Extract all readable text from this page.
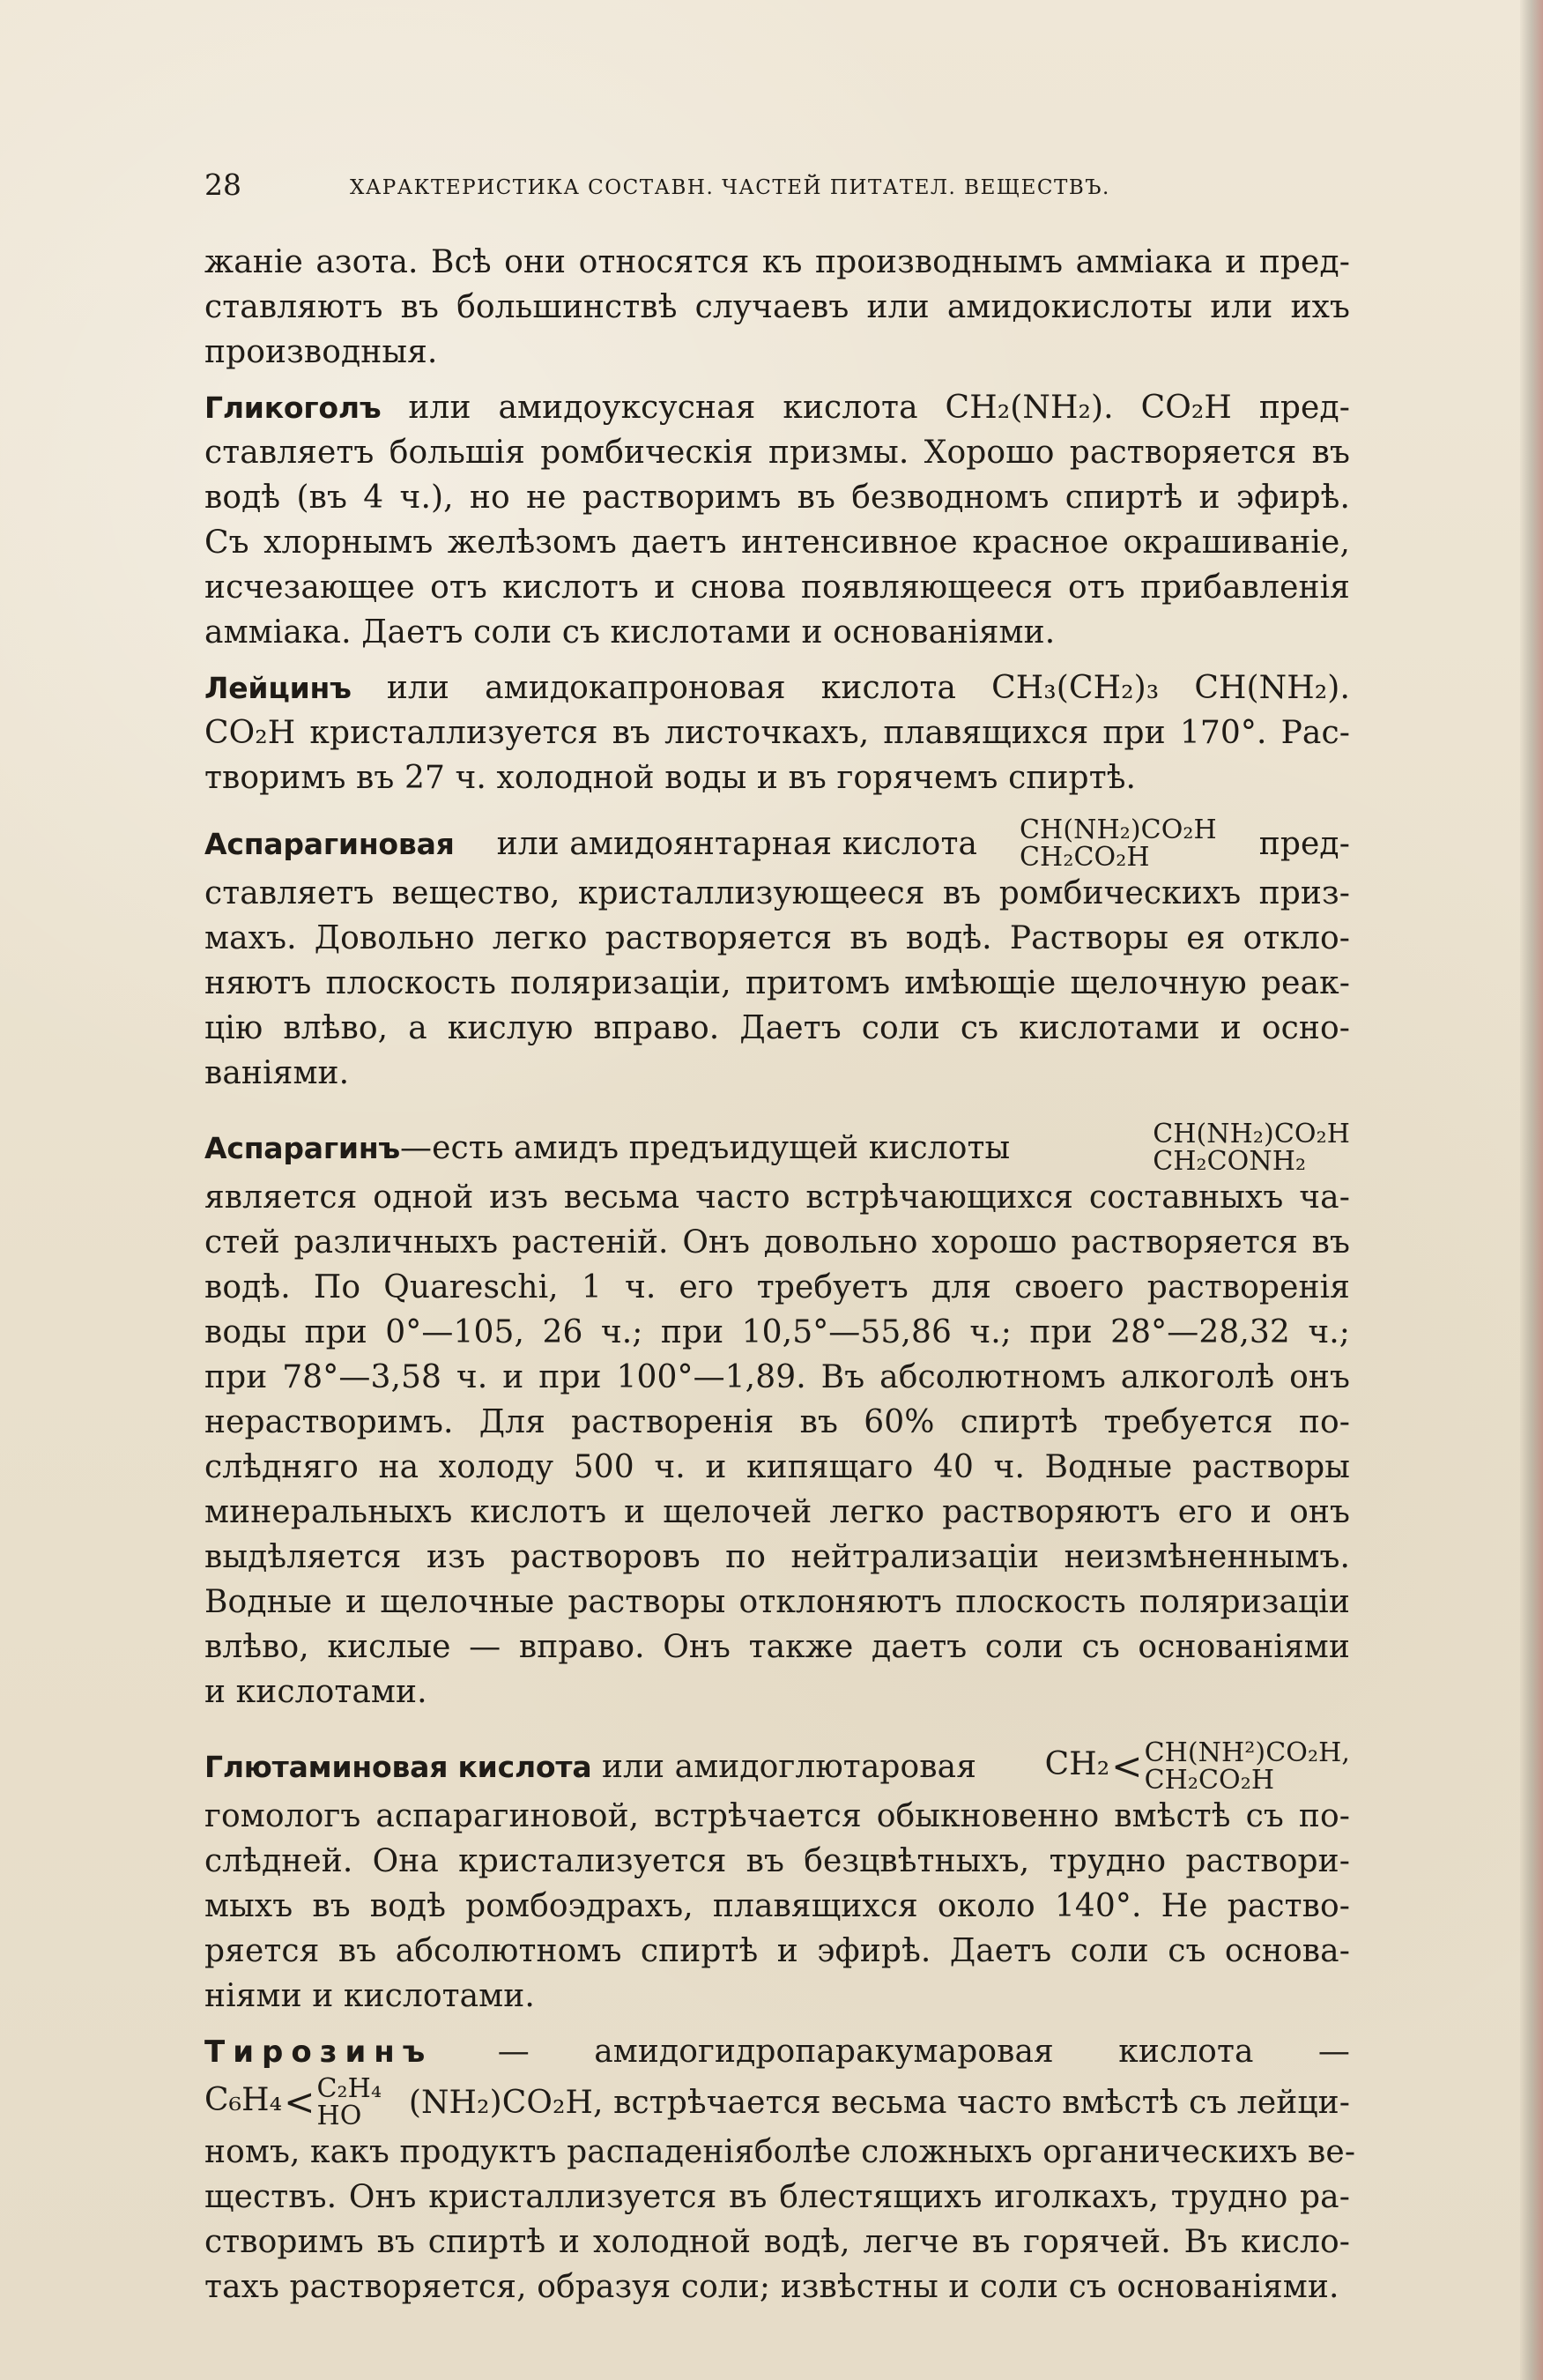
28	ХАРАКТЕРИСТИКА СОСТАВН. ЧАСТЕЙ ПИТАТЕЛ. ВЕЩЕСТВЪ.
жаніе азота. Всѣ они относятся къ производнымъ амміака и пред-
ставляютъ въ большинствѣ случаевъ или амидокислоты или ихъ
производныя.
Гликоголъ или амидоуксусная кислота CH₂(NH₂). CO₂H пред-
ставляетъ большія ромбическія призмы. Хорошо растворяется въ
водѣ (въ 4 ч.), но не растворимъ въ безводномъ спиртѣ и эфирѣ.
Съ хлорнымъ желѣзомъ даетъ интенсивное красное окрашиваніе,
исчезающее отъ кислотъ и снова появляющееся отъ прибавленія
амміака. Даетъ соли съ кислотами и основаніями.
Лейцинъ или амидокапроновая кислота CH₃(CH₂)₃ CH(NH₂).
CO₂H кристаллизуется въ листочкахъ, плавящихся при 170°. Рас-
творимъ въ 27 ч. холодной воды и въ горячемъ спиртѣ.
Аспарагиновая или амидоянтарная кислота CH(NH₂)CO₂H
CH₂CO₂H	пред-
ставляетъ вещество, кристаллизующееся въ ромбическихъ приз-
махъ. Довольно легко растворяется въ водѣ. Растворы ея откло-
няютъ плоскость поляризаціи, притомъ имѣющіе щелочную реак-
цію влѣво, а кислую вправо. Даетъ соли съ кислотами и осно-
ваніями.
Аспарагинъ—есть амидъ предъидущей кислоты	CH(NH₂)CO₂H
CH₂CONH₂
является одной изъ весьма часто встрѣчающихся составныхъ ча-
стей различныхъ растеній. Онъ довольно хорошо растворяется въ
водѣ. По Quareschi, 1 ч. его требуетъ для своего растворенія
воды при 0°—105, 26 ч.; при 10,5°—55,86 ч.; при 28°—28,32 ч.;
при 78°—3,58 ч. и при 100°—1,89. Въ абсолютномъ алкоголѣ онъ
нерастворимъ. Для растворенія въ 60% спиртѣ требуется по-
слѣдняго на холоду 500 ч. и кипящаго 40 ч. Водные растворы
минеральныхъ кислотъ и щелочей легко растворяютъ его и онъ
выдѣляется изъ растворовъ по нейтрализаціи неизмѣненнымъ.
Водные и щелочные растворы отклоняютъ плоскость поляризаціи
влѣво, кислые — вправо. Онъ также даетъ соли съ основаніями
и кислотами.
Глютаминовая кислота или амидоглютаровая CH₂< CH(NH²)CO₂H,
CH₂CO₂H
гомологъ аспарагиновой, встрѣчается обыкновенно вмѣстѣ съ по-
слѣдней. Она кристализуется въ безцвѣтныхъ, трудно раствори-
мыхъ въ водѣ ромбоэдрахъ, плавящихся около 140°. Не раство-
ряется въ абсолютномъ спиртѣ и эфирѣ. Даетъ соли съ основа-
ніями и кислотами.
Тирозинъ — амидогидропаракумаровая кислота —
C₆H₄< C₂H₄
HO	(NH₂)CO₂H, встрѣчается весьма часто вмѣстѣ съ лейци-
номъ, какъ продуктъ распаденіяболѣе сложныхъ органическихъ ве-
ществъ. Онъ кристаллизуется въ блестящихъ иголкахъ, трудно ра-
створимъ въ спиртѣ и холодной водѣ, легче въ горячей. Въ кисло-
тахъ растворяется, образуя соли; извѣстны и соли съ основаніями.
